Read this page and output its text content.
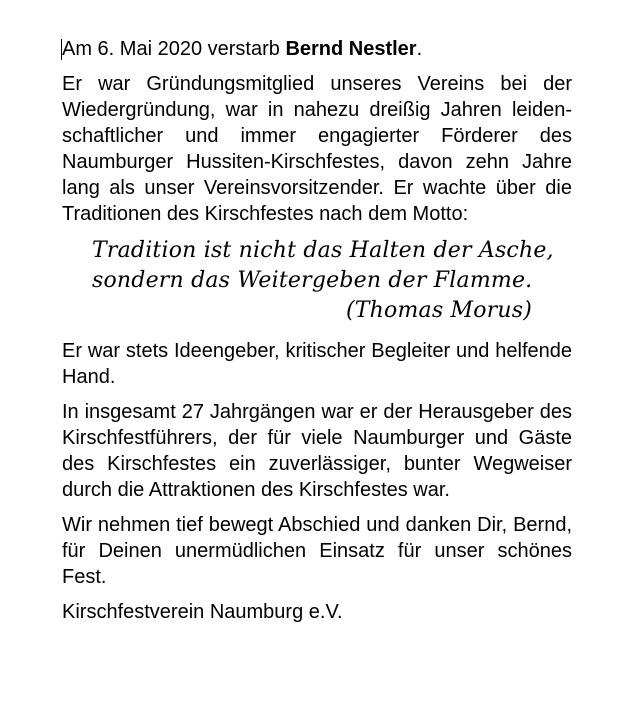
Am 6. Mai 2020 verstarb Bernd Nestler.

Er war Gründungsmitglied unseres Vereins bei der Wiedergründung, war in nahezu dreißig Jahren leidenschaftlicher und immer engagierter Förderer des Naumburger Hussiten-Kirschfestes, davon zehn Jahre lang als unser Vereinsvorsitzender. Er wachte über die Traditionen des Kirschfestes nach dem Motto:

Tradition ist nicht das Halten der Asche,
sondern das Weitergeben der Flamme.
(Thomas Morus)

Er war stets Ideengeber, kritischer Begleiter und helfende Hand.

In insgesamt 27 Jahrgängen war er der Herausgeber des Kirschfestführers, der für viele Naumburger und Gäste des Kirschfestes ein zuverlässiger, bunter Wegweiser durch die Attraktionen des Kirschfestes war.

Wir nehmen tief bewegt Abschied und danken Dir, Bernd, für Deinen unermüdlichen Einsatz für unser schönes Fest.

Kirschfestverein Naumburg e.V.
